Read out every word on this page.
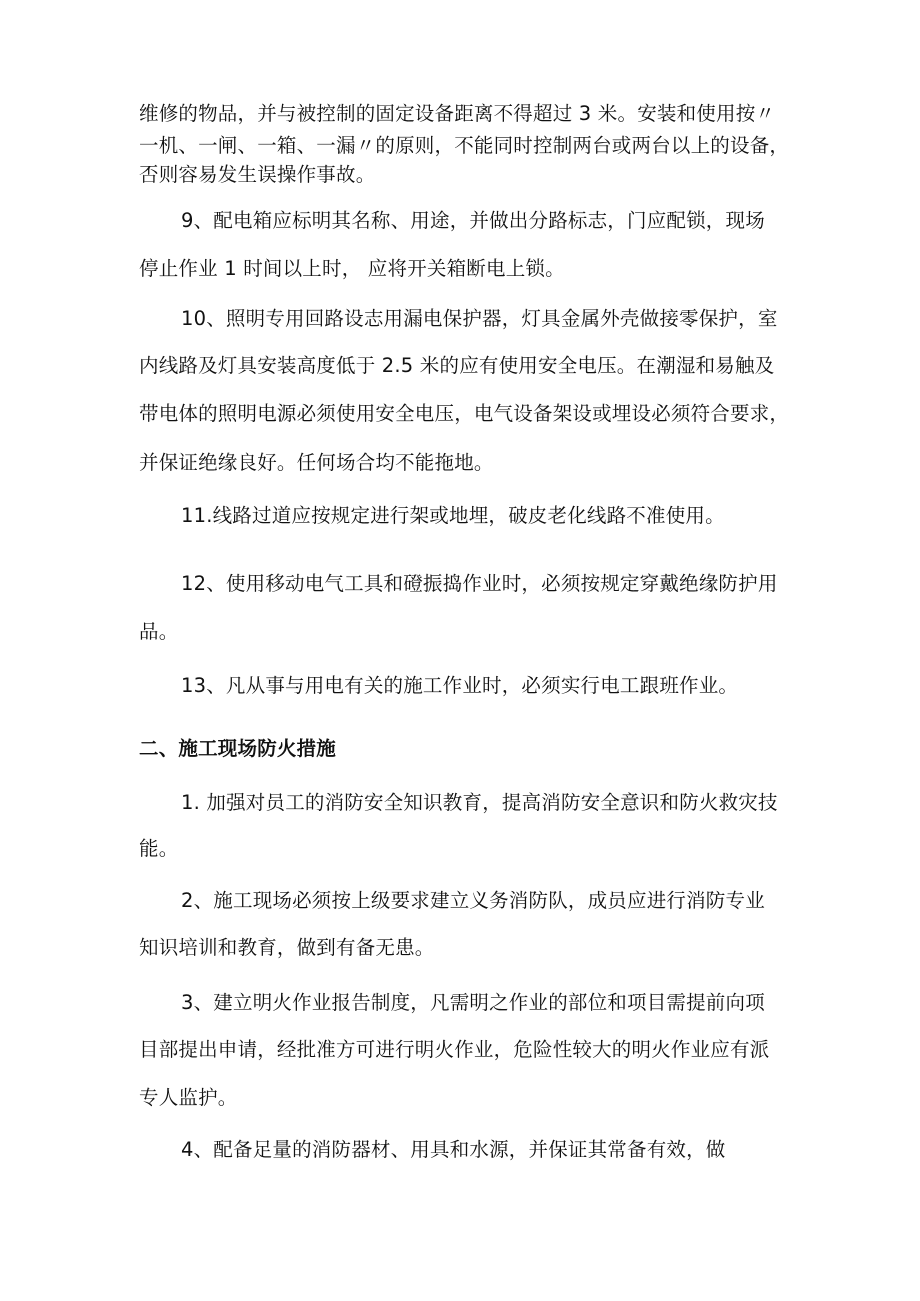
维修的物品，并与被控制的固定设备距离不得超过 3 米。安装和使用按〃
一机、一闸、一箱、一漏〃的原则，不能同时控制两台或两台以上的设备，
否则容易发生误操作事故。
9、配电箱应标明其名称、用途，并做出分路标志，门应配锁，现场
停止作业 1 时间以上时， 应将开关箱断电上锁。
10、照明专用回路设志用漏电保护器，灯具金属外壳做接零保护，室
内线路及灯具安装高度低于 2.5 米的应有使用安全电压。在潮湿和易触及
带电体的照明电源必须使用安全电压，电气设备架设或埋设必须符合要求，
并保证绝缘良好。任何场合均不能拖地。
11.线路过道应按规定进行架或地埋，破皮老化线路不准使用。
12、使用移动电气工具和磴振捣作业时，必须按规定穿戴绝缘防护用
品。
13、凡从事与用电有关的施工作业时，必须实行电工跟班作业。
二、施工现场防火措施
1. 加强对员工的消防安全知识教育，提高消防安全意识和防火救灾技
能。
2、施工现场必须按上级要求建立义务消防队，成员应进行消防专业
知识培训和教育，做到有备无患。
3、建立明火作业报告制度，凡需明之作业的部位和项目需提前向项
目部提出申请，经批准方可进行明火作业，危险性较大的明火作业应有派
专人监护。
4、配备足量的消防器材、用具和水源，并保证其常备有效，做
